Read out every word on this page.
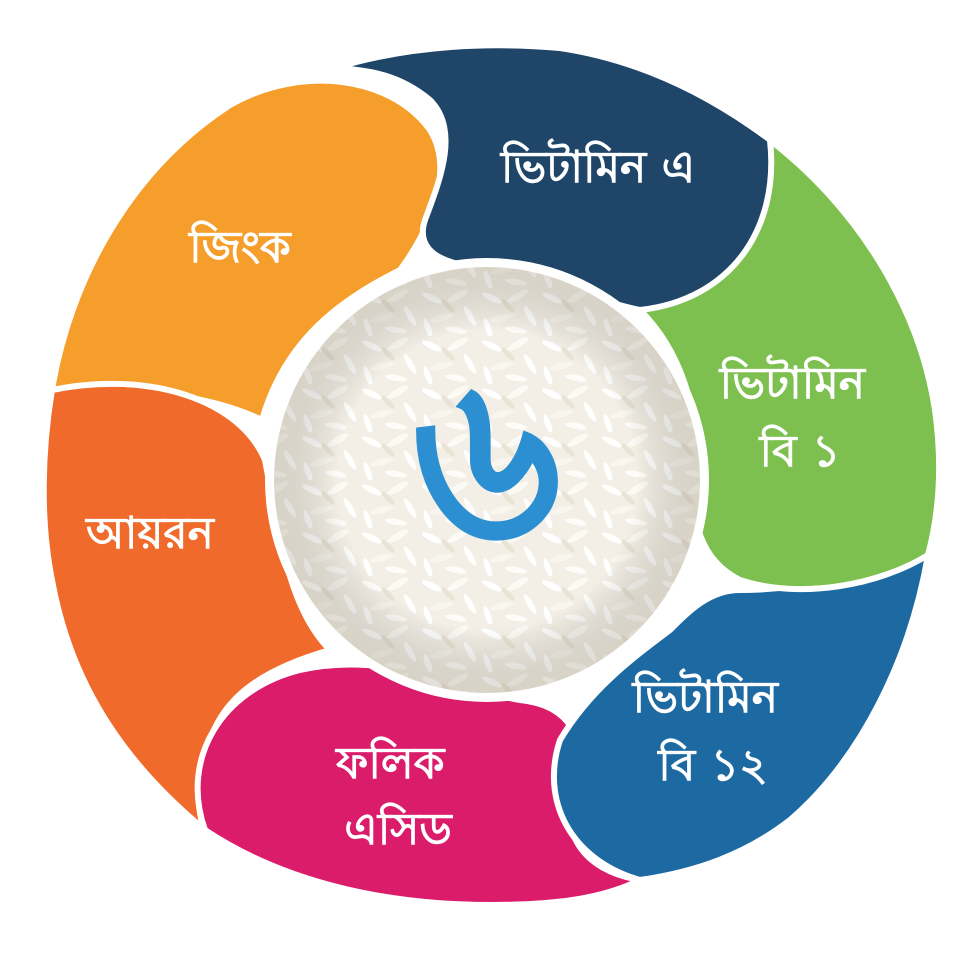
৬
ভিটামিন এ
ভিটামিন বি ১
ভিটামিন বি ১২
ফলিক এসিড
আয়রন
জিংক
